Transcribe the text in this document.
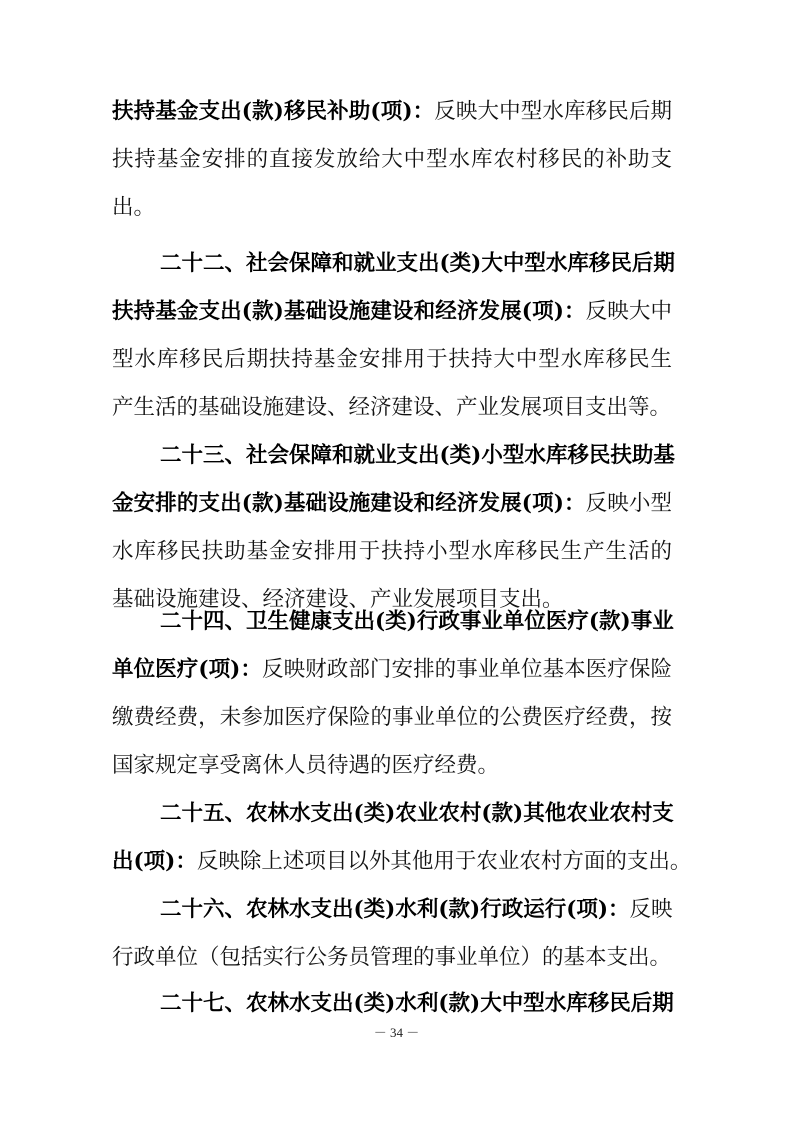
扶持基金支出(款)移民补助(项)：反映大中型水库移民后期
扶持基金安排的直接发放给大中型水库农村移民的补助支
出。
二十二、社会保障和就业支出(类)大中型水库移民后期
扶持基金支出(款)基础设施建设和经济发展(项)：反映大中
型水库移民后期扶持基金安排用于扶持大中型水库移民生
产生活的基础设施建设、经济建设、产业发展项目支出等。
二十三、社会保障和就业支出(类)小型水库移民扶助基
金安排的支出(款)基础设施建设和经济发展(项)：反映小型
水库移民扶助基金安排用于扶持小型水库移民生产生活的
基础设施建设、经济建设、产业发展项目支出。
二十四、卫生健康支出(类)行政事业单位医疗(款)事业
单位医疗(项)：反映财政部门安排的事业单位基本医疗保险
缴费经费，未参加医疗保险的事业单位的公费医疗经费，按
国家规定享受离休人员待遇的医疗经费。
二十五、农林水支出(类)农业农村(款)其他农业农村支
出(项)：反映除上述项目以外其他用于农业农村方面的支出。
二十六、农林水支出(类)水利(款)行政运行(项)：反映
行政单位（包括实行公务员管理的事业单位）的基本支出。
二十七、农林水支出(类)水利(款)大中型水库移民后期
－ 34 －
